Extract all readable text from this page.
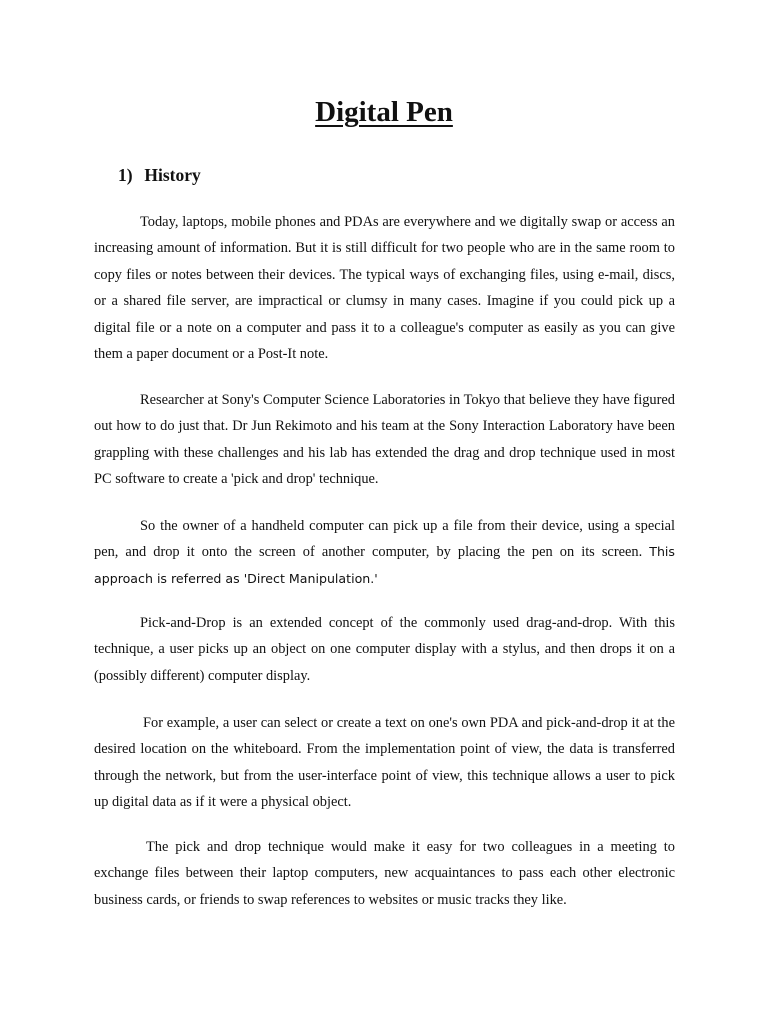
Digital Pen
1) History

Today, laptops, mobile phones and PDAs are everywhere and we digitally swap or access an increasing amount of information. But it is still difficult for two people who are in the same room to copy files or notes between their devices. The typical ways of exchanging files, using e-mail, discs, or a shared file server, are impractical or clumsy in many cases. Imagine if you could pick up a digital file or a note on a computer and pass it to a colleague's computer as easily as you can give them a paper document or a Post-It note.

Researcher at Sony's Computer Science Laboratories in Tokyo that believe they have figured out how to do just that. Dr Jun Rekimoto and his team at the Sony Interaction Laboratory have been grappling with these challenges and his lab has extended the drag and drop technique used in most PC software to create a 'pick and drop' technique.

So the owner of a handheld computer can pick up a file from their device, using a special pen, and drop it onto the screen of another computer, by placing the pen on its screen. This approach is referred as 'Direct Manipulation.'

Pick-and-Drop is an extended concept of the commonly used drag-and-drop. With this technique, a user picks up an object on one computer display with a stylus, and then drops it on a (possibly different) computer display.

For example, a user can select or create a text on one's own PDA and pick-and-drop it at the desired location on the whiteboard. From the implementation point of view, the data is transferred through the network, but from the user-interface point of view, this technique allows a user to pick up digital data as if it were a physical object.

The pick and drop technique would make it easy for two colleagues in a meeting to exchange files between their laptop computers, new acquaintances to pass each other electronic business cards, or friends to swap references to websites or music tracks they like.
